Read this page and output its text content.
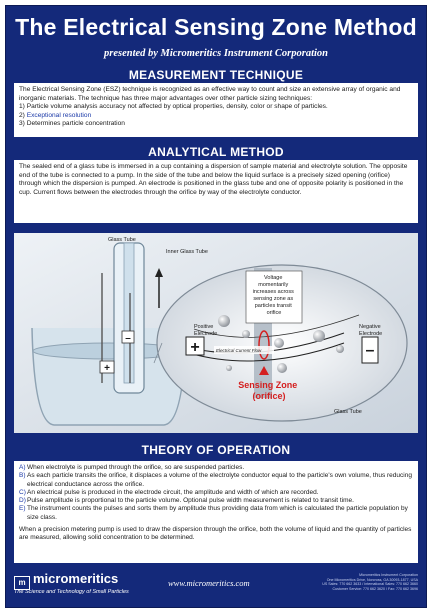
The Electrical Sensing Zone Method
presented by Micromeritics Instrument Corporation
MEASUREMENT TECHNIQUE

The Electrical Sensing Zone (ESZ) technique is recognized as an effective way to count and size an extensive array of organic and inorganic materials. The technique has three major advantages over other particle sizing techniques:

1) Particle volume analysis accuracy not affected by optical properties, density, color or shape of particles.

2) Exceptional resolution

3) Determines particle concentration

ANALYTICAL METHOD

The sealed end of a glass tube is immersed in a cup containing a dispersion of sample material and electrolyte solution. The opposite end of the tube is connected to a pump. In the side of the tube and below the liquid surface is a precisely sized opening (orifice) through which the dispersion is pumped. An electrode is positioned in the glass tube and one of opposite polarity is positioned in the cup. Current flows between the electrodes through the orifice by way of the electrolyte conductor.

+
–
Glass Tube
Inner Glass Tube
Voltage momentarily increases across sensing zone as particles transit orifice
Positive Electrode
Negative Electrode
+	–
Electrical Current Flow
Sensing Zone (orifice)
Glass Tube
THEORY OF OPERATION
A) When electrolyte is pumped through the orifice, so are suspended particles.
B) As each particle transits the orifice, it displaces a volume of the electrolyte conductor equal to the particle's own volume, thus reducing electrical conductance across the orifice.
C) An electrical pulse is produced in the electrode circuit, the amplitude and width of which are recorded.
D) Pulse amplitude is proportional to the particle volume. Optional pulse width measurement is related to transit time.
E) The instrument counts the pulses and sorts them by amplitude thus providing data from which is calculated the particle population by size class.

When a precision metering pump is used to draw the dispersion through the orifice, both the volume of liquid and the quantity of particles are measured, allowing solid concentration to be determined.

m micromeritics
The Science and Technology of Small Particles
www.micromeritics.com
Micromeritics Instrument Corporation
One Micromeritics Drive, Norcross, GA 30093-1877, USA
US Sales: 770 662 3633 / International Sales: 770 662 3660
Customer Service: 770 662 3620 / Fax: 770 662 3696
